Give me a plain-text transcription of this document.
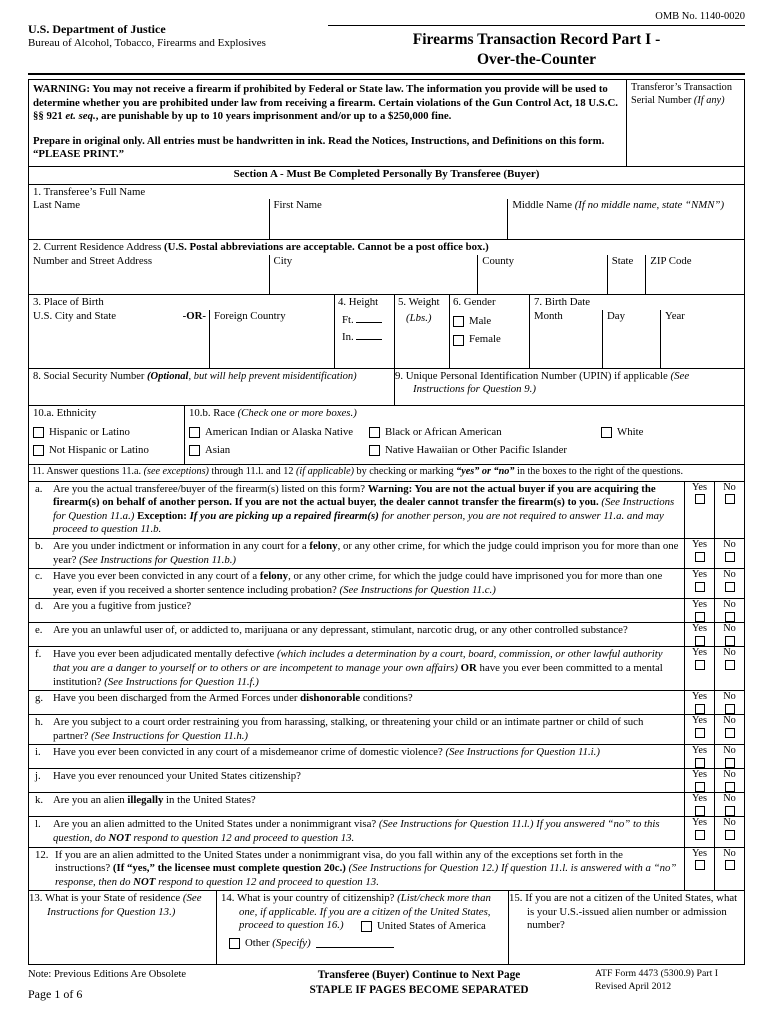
U.S. Department of Justice
Bureau of Alcohol, Tobacco, Firearms and Explosives
OMB No. 1140-0020
Firearms Transaction Record Part I -
Over-the-Counter

WARNING: You may not receive a firearm if prohibited by Federal or State law. The information you provide will be used to determine whether you are prohibited under law from receiving a firearm. Certain violations of the Gun Control Act, 18 U.S.C. §§ 921 et. seq., are punishable by up to 10 years imprisonment and/or up to a $250,000 fine.

Prepare in original only. All entries must be handwritten in ink. Read the Notices, Instructions, and Definitions on this form. “PLEASE PRINT.”

Transferor’s Transaction Serial Number (If any)
Section A - Must Be Completed Personally By Transferee (Buyer)
1. Transferee’s Full Name
Last Name	First Name	Middle Name (If no middle name, state “NMN”)
2. Current Residence Address (U.S. Postal abbreviations are acceptable. Cannot be a post office box.)
Number and Street Address	City	County	State	ZIP Code
3. Place of Birth
U.S. City and State	-OR- Foreign Country
4. Height
Ft.
In.
5. Weight
(Lbs.)
6. Gender
Male
Female
7. Birth Date
Month	Day	Year
8. Social Security Number (Optional, but will help prevent misidentification)	9. Unique Personal Identification Number (UPIN) if applicable (See Instructions for Question 9.)
10.a. Ethnicity
Hispanic or Latino
Not Hispanic or Latino
10.b. Race (Check one or more boxes.)
American Indian or Alaska Native	Black or African American	White
Asian	Native Hawaiian or Other Pacific Islander
11. Answer questions 11.a. (see exceptions) through 11.l. and 12 (if applicable) by checking or marking “yes” or “no” in the boxes to the right of the questions.
a. Are you the actual transferee/buyer of the firearm(s) listed on this form? Warning: You are not the actual buyer if you are acquiring the firearm(s) on behalf of another person. If you are not the actual buyer, the dealer cannot transfer the firearm(s) to you. (See Instructions for Question 11.a.) Exception: If you are picking up a repaired firearm(s) for another person, you are not required to answer 11.a. and may proceed to question 11.b.
Yes No
b. Are you under indictment or information in any court for a felony, or any other crime, for which the judge could imprison you for more than one year? (See Instructions for Question 11.b.)
Yes No
c. Have you ever been convicted in any court of a felony, or any other crime, for which the judge could have imprisoned you for more than one year, even if you received a shorter sentence including probation? (See Instructions for Question 11.c.)
Yes No
d. Are you a fugitive from justice?	Yes No
e. Are you an unlawful user of, or addicted to, marijuana or any depressant, stimulant, narcotic drug, or any other controlled substance?	Yes No
f.	Have you ever been adjudicated mentally defective (which includes a determination by a court, board, commission, or other lawful authority that you are a danger to yourself or to others or are incompetent to manage your own affairs) OR have you ever been committed to a mental institution? (See Instructions for Question 11.f.)
Yes No
g. Have you been discharged from the Armed Forces under dishonorable conditions?	Yes No
h. Are you subject to a court order restraining you from harassing, stalking, or threatening your child or an intimate partner or child of such partner? (See Instructions for Question 11.h.)
Yes No
i.	Have you ever been convicted in any court of a misdemeanor crime of domestic violence? (See Instructions for Question 11.i.)	Yes No
j.	Have you ever renounced your United States citizenship?	Yes No
k. Are you an alien illegally in the United States?	Yes No
l.	Are you an alien admitted to the United States under a nonimmigrant visa? (See Instructions for Question 11.l.) If you answered “no” to this question, do NOT respond to question 12 and proceed to question 13.
Yes No
12. If you are an alien admitted to the United States under a nonimmigrant visa, do you fall within any of the exceptions set forth in the instructions? (If “yes,” the licensee must complete question 20c.) (See Instructions for Question 12.) If question 11.l. is answered with a “no” response, then do NOT respond to question 12 and proceed to question 13.
Yes No
13. What is your State of residence (See Instructions for Question 13.)
14. What is your country of citizenship? (List/check more than one, if applicable. If you are a citizen of the United States, proceed to question 16.)	United States of America
Other (Specify)
15. If you are not a citizen of the United States, what is your U.S.-issued alien number or admission number?
Note: Previous Editions Are Obsolete
Page 1 of 6
Transferee (Buyer) Continue to Next Page
STAPLE IF PAGES BECOME SEPARATED
ATF Form 4473 (5300.9) Part I
Revised April 2012
